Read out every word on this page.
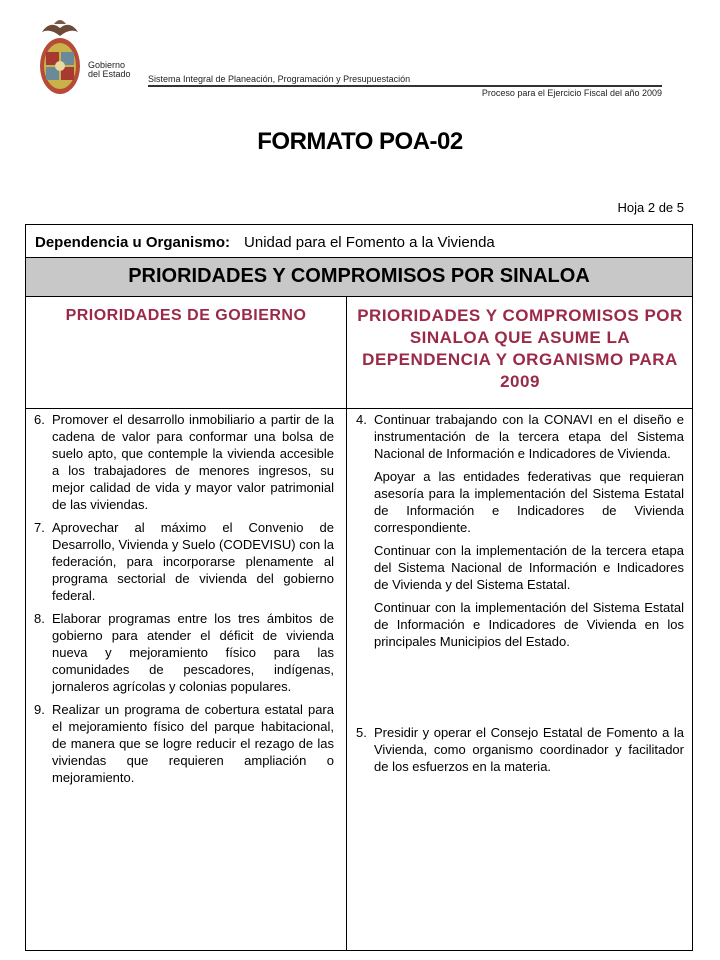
Gobierno
del Estado Sistema Integral de Planeación, Programación y Presupuestación
Proceso para el Ejercicio Fiscal del año 2009
FORMATO POA-02
Hoja 2 de 5
Dependencia u Organismo: Unidad para el Fomento a la Vivienda
PRIORIDADES Y COMPROMISOS POR SINALOA
PRIORIDADES DE GOBIERNO	PRIORIDADES Y COMPROMISOS POR SINALOA QUE ASUME LA DEPENDENCIA Y ORGANISMO PARA 2009
6. Promover el desarrollo inmobiliario a partir de la cadena de valor para conformar una bolsa de suelo apto, que contemple la vivienda accesible a los trabajadores de menores ingresos, su mejor calidad de vida y mayor valor patrimonial de las viviendas.
7. Aprovechar al máximo el Convenio de Desarrollo, Vivienda y Suelo (CODEVISU) con la federación, para incorporarse plenamente al programa sectorial de vivienda del gobierno federal.
8. Elaborar programas entre los tres ámbitos de gobierno para atender el déficit de vivienda nueva y mejoramiento físico para las comunidades de pescadores, indígenas, jornaleros agrícolas y colonias populares.
9. Realizar un programa de cobertura estatal para el mejoramiento físico del parque habitacional, de manera que se logre reducir el rezago de las viviendas que requieren ampliación o mejoramiento.
4. Continuar trabajando con la CONAVI en el diseño e instrumentación de la tercera etapa del Sistema Nacional de Información e Indicadores de Vivienda.
Apoyar a las entidades federativas que requieran asesoría para la implementación del Sistema Estatal de Información e Indicadores de Vivienda correspondiente.
Continuar con la implementación de la tercera etapa del Sistema Nacional de Información e Indicadores de Vivienda y del Sistema Estatal.
Continuar con la implementación del Sistema Estatal de Información e Indicadores de Vivienda en los principales Municipios del Estado.
5. Presidir y operar el Consejo Estatal de Fomento a la Vivienda, como organismo coordinador y facilitador de los esfuerzos en la materia.
